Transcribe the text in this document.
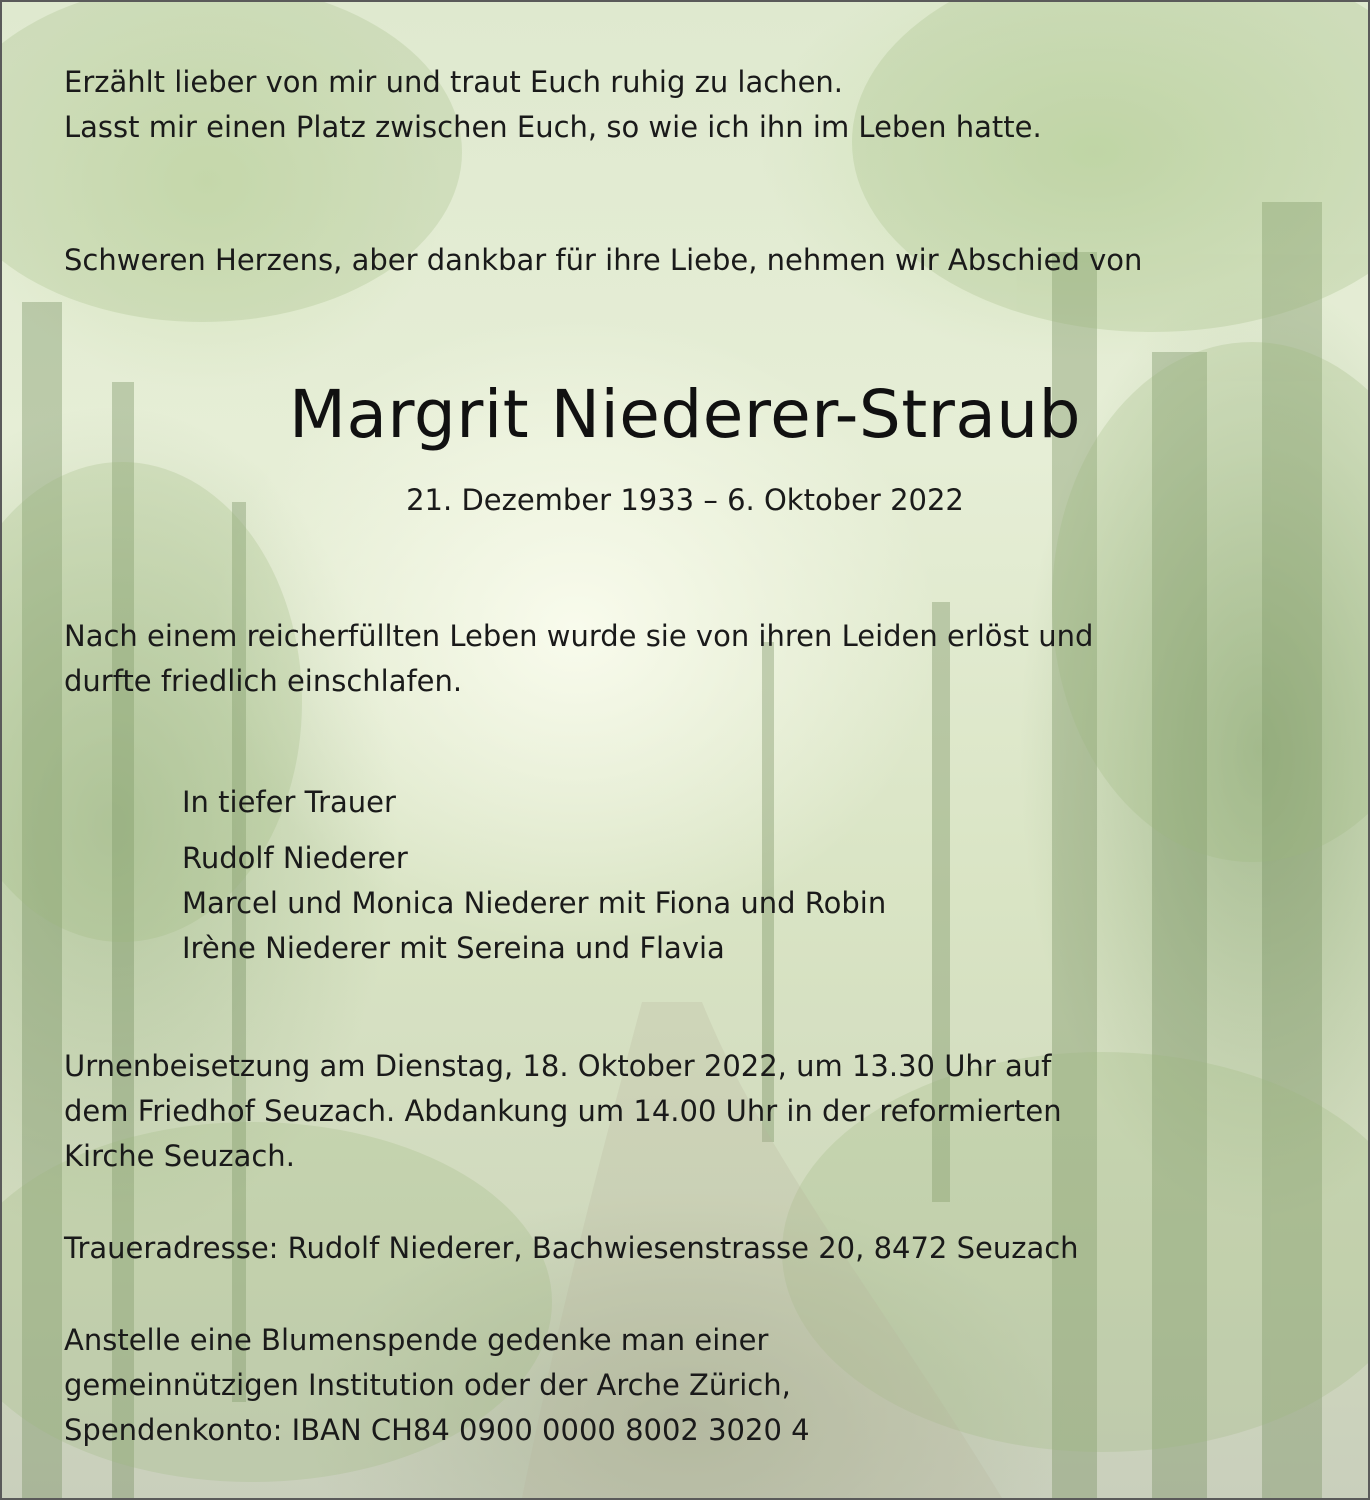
Erzählt lieber von mir und traut Euch ruhig zu lachen.
Lasst mir einen Platz zwischen Euch, so wie ich ihn im Leben hatte.
Schweren Herzens, aber dankbar für ihre Liebe, nehmen wir Abschied von
Margrit Niederer-Straub
21. Dezember 1933 – 6. Oktober 2022
Nach einem reicherfüllten Leben wurde sie von ihren Leiden erlöst und
durfte friedlich einschlafen.
In tiefer Trauer
Rudolf Niederer
Marcel und Monica Niederer mit Fiona und Robin
Irène Niederer mit Sereina und Flavia
Urnenbeisetzung am Dienstag, 18. Oktober 2022, um 13.30 Uhr auf
dem Friedhof Seuzach. Abdankung um 14.00 Uhr in der reformierten
Kirche Seuzach.
Traueradresse: Rudolf Niederer, Bachwiesenstrasse 20, 8472 Seuzach
Anstelle eine Blumenspende gedenke man einer
gemeinnützigen Institution oder der Arche Zürich,
Spendenkonto: IBAN CH84 0900 0000 8002 3020 4
